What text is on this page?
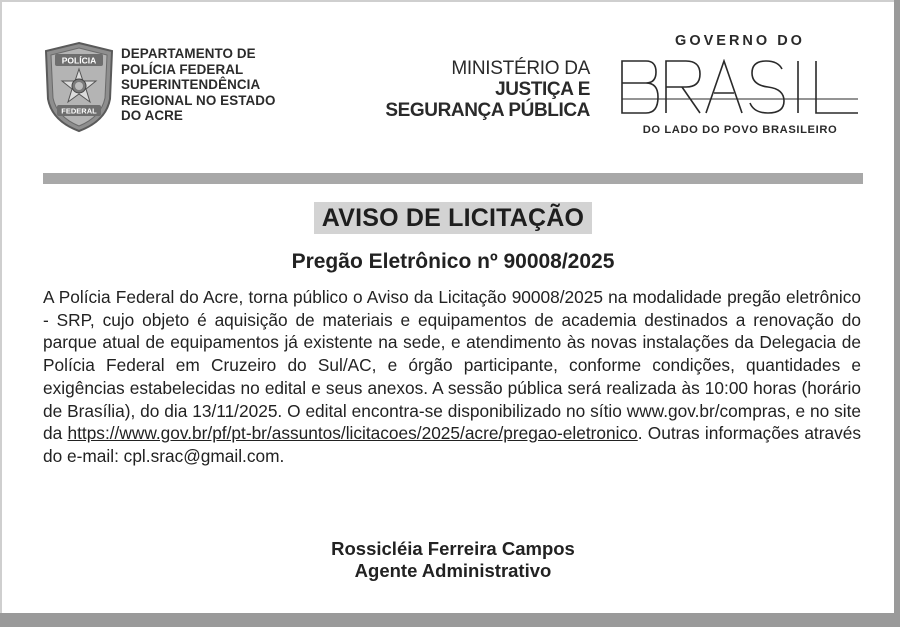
POLÍCIA
FEDERAL
DEPARTAMENTO DE
POLÍCIA FEDERAL
SUPERINTENDÊNCIA
REGIONAL NO ESTADO
DO ACRE
MINISTÉRIO DA
JUSTIÇA E
SEGURANÇA PÚBLICA
GOVERNO DO
DO LADO DO POVO BRASILEIRO
AVISO DE LICITAÇÃO
Pregão Eletrônico nº 90008/2025
A Polícia Federal do Acre, torna público o Aviso da Licitação 90008/2025 na modalidade pregão eletrônico - SRP, cujo objeto é aquisição de materiais e equipamentos de academia destinados a renovação do parque atual de equipamentos já existente na sede, e atendimento às novas instalações da Delegacia de Polícia Federal em Cruzeiro do Sul/AC, e órgão participante, conforme condições, quantidades e exigências estabelecidas no edital e seus anexos. A sessão pública será realizada às 10:00 horas (horário de Brasília), do dia 13/11/2025. O edital encontra-se disponibilizado no sítio www.gov.br/compras, e no site da https://www.gov.br/pf/pt-br/assuntos/licitacoes/2025/acre/pregao-eletronico. Outras informações através do e-mail: cpl.srac@gmail.com.
Rossicléia Ferreira Campos
Agente Administrativo
